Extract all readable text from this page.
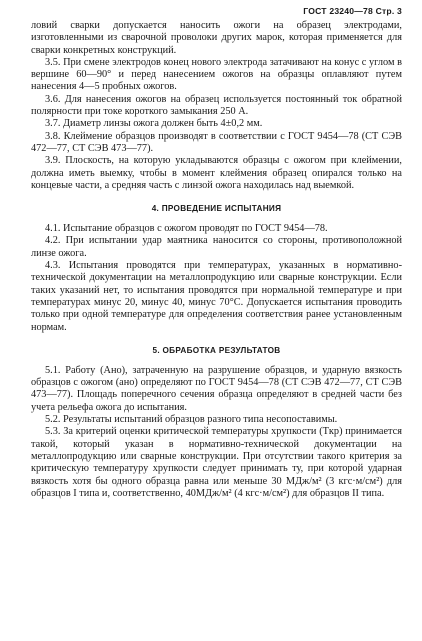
ГОСТ 23240—78 Стр. 3

ловий сварки допускается наносить ожоги на образец электродами, изготовленными из сварочной проволоки других марок, которая применяется для сварки конкретных конструкций.

3.5. При смене электродов конец нового электрода затачивают на конус с углом в вершине 60—90° и перед нанесением ожогов на образцы оплавляют путем нанесения 4—5 пробных ожогов.

3.6. Для нанесения ожогов на образец используется постоянный ток обратной полярности при токе короткого замыкания 250 А.

3.7. Диаметр линзы ожога должен быть 4±0,2 мм.

3.8. Клеймение образцов производят в соответствии с ГОСТ 9454—78 (СТ СЭВ 472—77, СТ СЭВ 473—77).

3.9. Плоскость, на которую укладываются образцы с ожогом при клеймении, должна иметь выемку, чтобы в момент клеймения образец опирался только на концевые части, а средняя часть с линзой ожога находилась над выемкой.

4. ПРОВЕДЕНИЕ ИСПЫТАНИЯ

4.1. Испытание образцов с ожогом проводят по ГОСТ 9454—78.

4.2. При испытании удар маятника наносится со стороны, противоположной линзе ожога.

4.3. Испытания проводятся при температурах, указанных в нормативно-технической документации на металлопродукцию или сварные конструкции. Если таких указаний нет, то испытания проводятся при нормальной температуре и при температурах минус 20, минус 40, минус 70°С. Допускается испытания проводить только при одной температуре для определения соответствия ранее установленным нормам.

5. ОБРАБОТКА РЕЗУЛЬТАТОВ

5.1. Работу (Aно), затраченную на разрушение образцов, и ударную вязкость образцов с ожогом (aно) определяют по ГОСТ 9454—78 (СТ СЭВ 472—77, СТ СЭВ 473—77). Площадь поперечного сечения образца определяют в средней части без учета рельефа ожога до испытания.

5.2. Результаты испытаний образцов разного типа несопоставимы.

5.3. За критерий оценки критической температуры хрупкости (Tкр) принимается такой, который указан в нормативно-технической документации на металлопродукцию или сварные конструкции. При отсутствии такого критерия за критическую температуру хрупкости следует принимать ту, при которой ударная вязкость хотя бы одного образца равна или меньше 30 МДж/м² (3 кгс·м/см²) для образцов I типа и, соответственно, 40МДж/м² (4 кгс·м/см²) для образцов II типа.
